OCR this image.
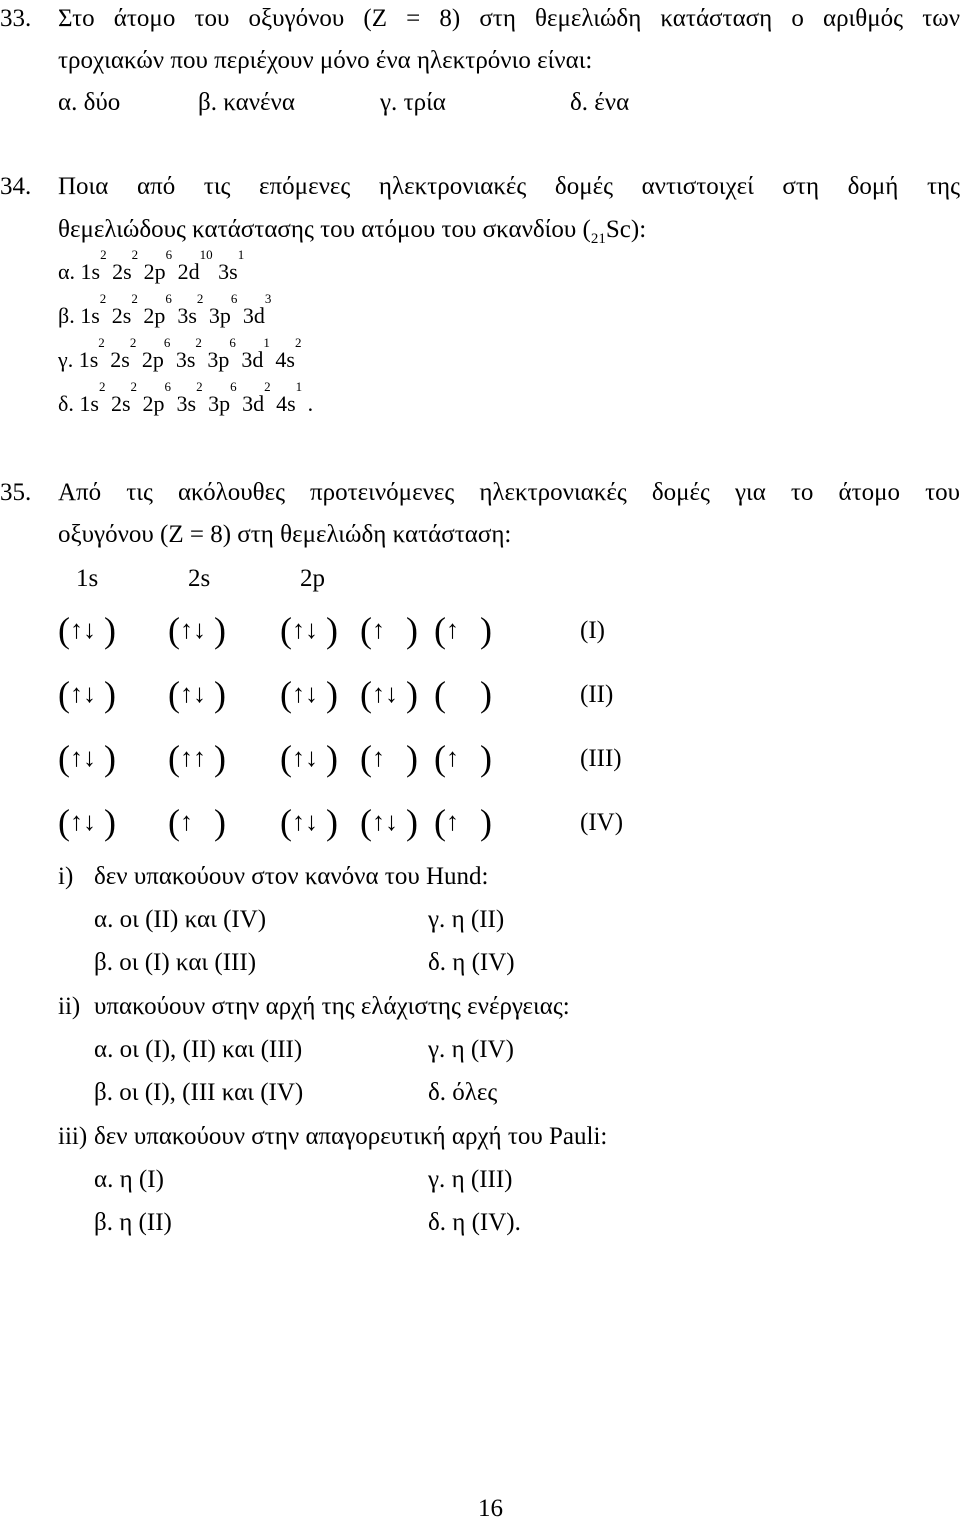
33. Στο άτομο του οξυγόνου (Ζ = 8) στη θεμελιώδη κατάσταση ο αριθμός των
τροχιακών που περιέχουν μόνο ένα ηλεκτρόνιο είναι:
α. δύο	β. κανένα	γ. τρία	δ. ένα
34. Ποια από τις επόμενες ηλεκτρονιακές δομές αντιστοιχεί στη δομή της
θεμελιώδους κατάστασης του ατόμου του σκανδίου $(_{21}Sc)$:
α. $1s^2$ $2s^2$ $2p^6$ $2d^{10}$ $3s^1$
β. $1s^2$ $2s^2$ $2p^6$ $3s^2$ $3p^6$ $3d^3$
γ. $1s^2$ $2s^2$ $2p^6$ $3s^2$ $3p^6$ $3d^1$ $4s^2$
δ. $1s^2$ $2s^2$ $2p^6$ $3s^2$ $3p^6$ $3d^2$ $4s^1$ .
35. Από τις ακόλουθες προτεινόμενες ηλεκτρονιακές δομές για το άτομο του
οξυγόνου (Ζ = 8) στη θεμελιώδη κατάσταση:
1s	2s	2p
(↑↓ ) (↑↓ ) (↑↓ ) (↑ ) (↑ )	(I)
(↑↓ ) (↑↓ ) (↑↓ ) (↑↓ ) ( )	(II)
(↑↓ ) (↑↑ ) (↑↓ ) (↑ ) (↑ )	(III)
(↑↓ ) (↑ ) (↑↓ ) (↑↓ ) (↑ )	(IV)
i) δεν υπακούουν στον κανόνα του Hund:
α. οι (II) και (IV)	γ. η (II)
β. οι (I) και (III)	δ. η (IV)
ii) υπακούουν στην αρχή της ελάχιστης ενέργειας:
α. οι (I), (II) και (III)	γ. η (IV)
β. οι (I), (III και (IV)	δ. όλες
iii) δεν υπακούουν στην απαγορευτική αρχή του Pauli:
α. η (I)	γ. η (III)
β. η (II)	δ. η (IV).
16
